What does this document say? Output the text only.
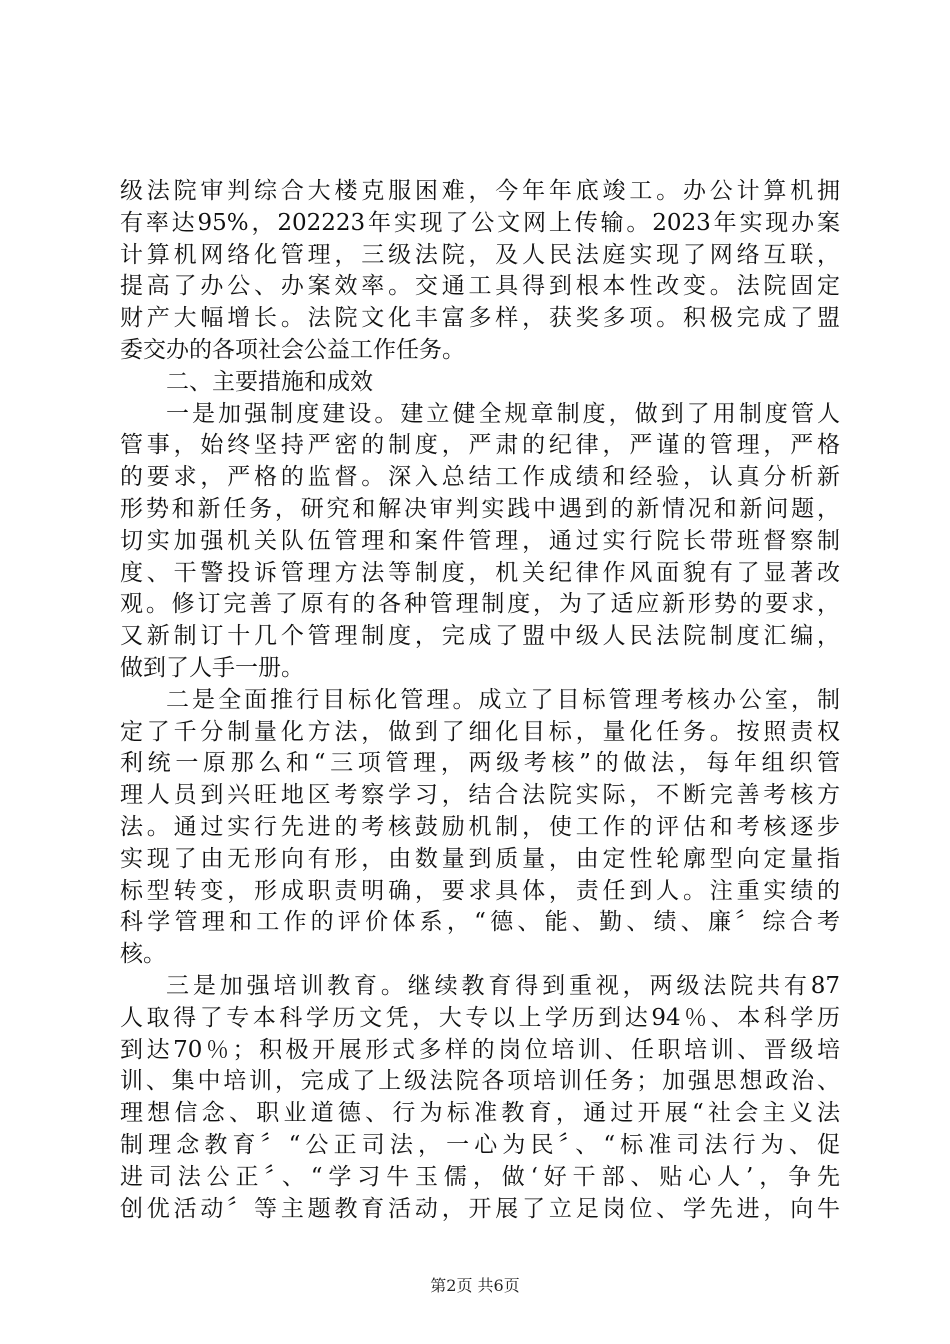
级法院审判综合大楼克服困难，今年年底竣工。办公计算机拥
有率达95%，202223年实现了公文网上传输。2023年实现办案
计算机网络化管理，三级法院，及人民法庭实现了网络互联，
提高了办公、办案效率。交通工具得到根本性改变。法院固定
财产大幅增长。法院文化丰富多样，获奖多项。积极完成了盟
委交办的各项社会公益工作任务。
二、主要措施和成效
一是加强制度建设。建立健全规章制度，做到了用制度管人
管事，始终坚持严密的制度，严肃的纪律，严谨的管理，严格
的要求，严格的监督。深入总结工作成绩和经验，认真分析新
形势和新任务，研究和解决审判实践中遇到的新情况和新问题，
切实加强机关队伍管理和案件管理，通过实行院长带班督察制
度、干警投诉管理方法等制度，机关纪律作风面貌有了显著改
观。修订完善了原有的各种管理制度，为了适应新形势的要求，
又新制订十几个管理制度，完成了盟中级人民法院制度汇编，
做到了人手一册。
二是全面推行目标化管理。成立了目标管理考核办公室，制
定了千分制量化方法，做到了细化目标，量化任务。按照责权
利统一原那么和“三项管理，两级考核”的做法，每年组织管
理人员到兴旺地区考察学习，结合法院实际，不断完善考核方
法。通过实行先进的考核鼓励机制，使工作的评估和考核逐步
实现了由无形向有形，由数量到质量，由定性轮廓型向定量指
标型转变，形成职责明确，要求具体，责任到人。注重实绩的
科学管理和工作的评价体系，“德、能、勤、绩、廉〞综合考
核。
三是加强培训教育。继续教育得到重视，两级法院共有87
人取得了专本科学历文凭，大专以上学历到达94％、本科学历
到达70％；积极开展形式多样的岗位培训、任职培训、晋级培
训、集中培训，完成了上级法院各项培训任务；加强思想政治、
理想信念、职业道德、行为标准教育，通过开展“社会主义法
制理念教育〞“公正司法，一心为民〞、“标准司法行为、促
进司法公正〞、“学习牛玉儒，做‘好干部、贴心人’，争先
创优活动〞等主题教育活动，开展了立足岗位、学先进，向牛
第2页 共6页
